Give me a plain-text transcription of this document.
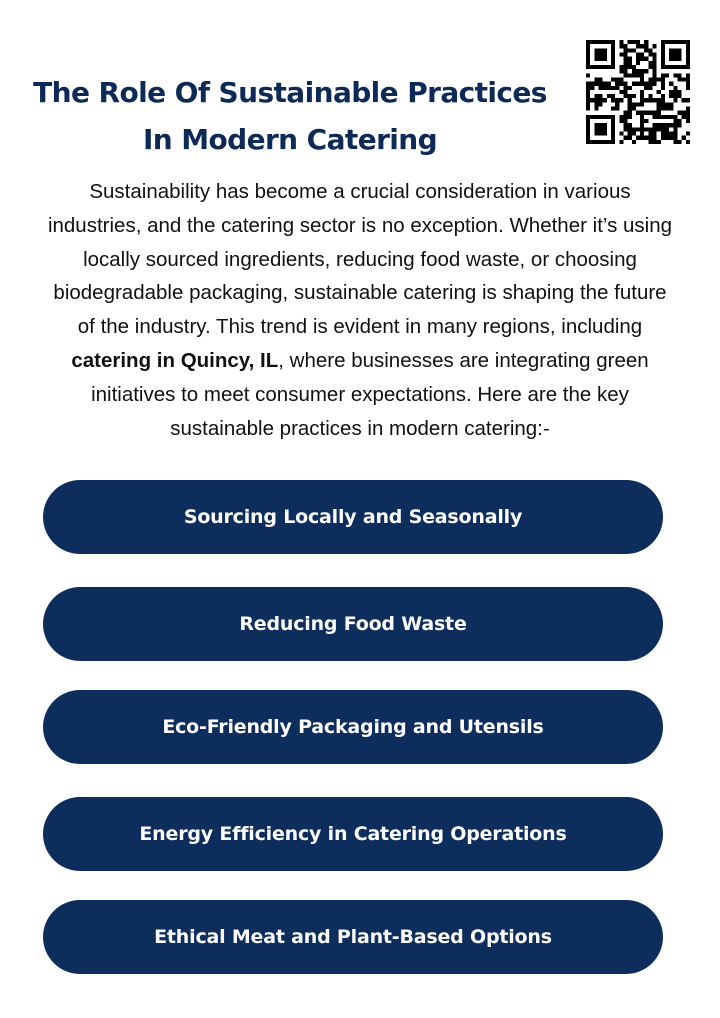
The Role Of Sustainable Practices
In Modern Catering
Sustainability has become a crucial consideration in various
industries, and the catering sector is no exception. Whether it’s using
locally sourced ingredients, reducing food waste, or choosing
biodegradable packaging, sustainable catering is shaping the future
of the industry. This trend is evident in many regions, including
catering in Quincy, IL, where businesses are integrating green
initiatives to meet consumer expectations. Here are the key
sustainable practices in modern catering:-
Sourcing Locally and Seasonally
Reducing Food Waste
Eco-Friendly Packaging and Utensils
Energy Efficiency in Catering Operations
Ethical Meat and Plant-Based Options
